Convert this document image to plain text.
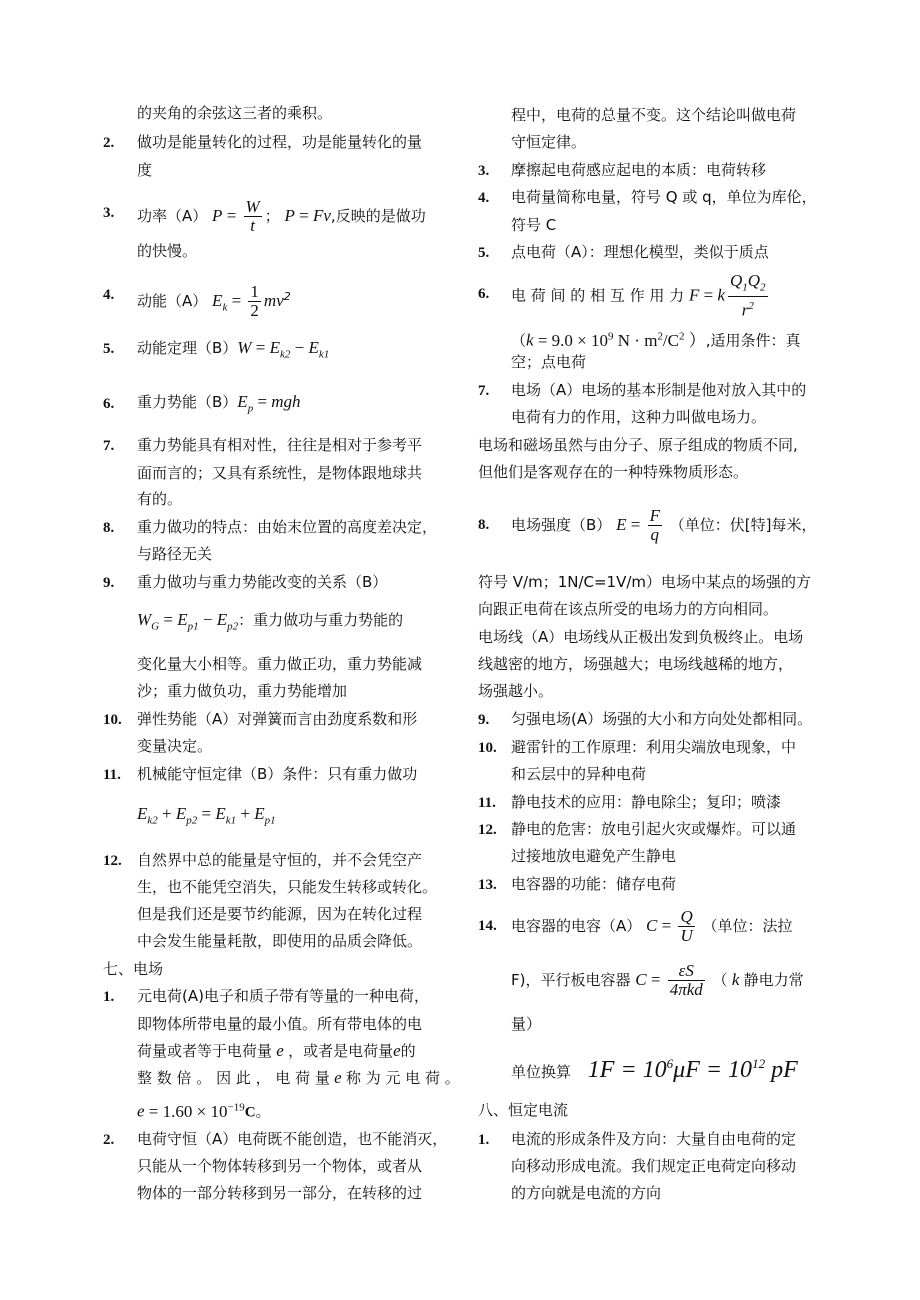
的夹角的余弦这三者的乘积。
2. 做功是能量转化的过程，功是能量转化的量
度
3. 功率（A） $P = \frac{W}{t}$ ； P = Fv,反映的是做功
的快慢。
4. 动能（A） $E_k = \frac{1}{2} mv^2$
5. 动能定理$(B)W = E_{k2} - E_{k1}$
6. 重力势能$(B)E_p$ = mgh
7. 重力势能具有相对性，往往是相对于参考平
面而言的；又具有系统性，是物体跟地球共
有的。
8. 重力做功的特点：由始末位置的高度差决定，
与路径无关
9. 重力做功与重力势能改变的关系（B）
$W_G = E_{p1} - E_{p2}$：重力做功与重力势能的
变化量大小相等。重力做正功，重力势能减
沙；重力做负功，重力势能增加
10. 弹性势能（A）对弹簧而言由劲度系数和形
变量决定。
11. 机械能守恒定律（B）条件：只有重力做功
$E_{k2} + E_{p2} = E_{k1} + E_{p1}$
12. 自然界中总的能量是守恒的，并不会凭空产
生，也不能凭空消失，只能发生转移或转化。
但是我们还是要节约能源，因为在转化过程
中会发生能量耗散，即使用的品质会降低。
七、电场
1. 元电荷(A)电子和质子带有等量的一种电荷，
即物体所带电量的最小值。所有带电体的电
荷量或者等于电荷量 e ，或者是电荷量e的
整 数 倍 。 因 此 ， 电 荷 量 e 称 为 元 电 荷 。
$e = 1.60 \times 10^{-19}C$。
2. 电荷守恒（A）电荷既不能创造，也不能消灭，
只能从一个物体转移到另一个物体，或者从
物体的一部分转移到另一部分，在转移的过
程中，电荷的总量不变。这个结论叫做电荷
守恒定律。
3. 摩擦起电荷感应起电的本质：电荷转移
4. 电荷量简称电量，符号 Q 或 q，单位为库伦，
符号 C
5. 点电荷（A）：理想化模型，类似于质点
6. 电 荷 间 的 相 互 作 用 力 F = k $\frac{Q_1Q_2}{r^2}$
（$k = 9.0 \times 10^9$ $N \cdot m^2/C^2$ ）,适用条件：真
空；点电荷
7. 电场（A）电场的基本形制是他对放入其中的
电荷有力的作用，这种力叫做电场力。
电场和磁场虽然与由分子、原子组成的物质不同,
但他们是客观存在的一种特殊物质形态。
8. 电场强度（B） $E = \frac{F}{q}$ （单位：伏[特]每米，
符号 V/m；1N/C=1V/m）电场中某点的场强的方
向跟正电荷在该点所受的电场力的方向相同。
电场线（A）电场线从正极出发到负极终止。电场
线越密的地方，场强越大；电场线越稀的地方，
场强越小。
9. 匀强电场(A）场强的大小和方向处处都相同。
10. 避雷针的工作原理：利用尖端放电现象，中
和云层中的异种电荷
11. 静电技术的应用：静电除尘；复印；喷漆
12. 静电的危害：放电引起火灾或爆炸。可以通
过接地放电避免产生静电
13. 电容器的功能：储存电荷
14. 电容器的电容（A） $C = \frac{Q}{U}$ （单位：法拉
F)，平行板电容器 $C = \frac{\varepsilon S}{\text{4πkd}}$ （ k 静电力常
量）
单位换算 $1F = 10^6\mu F = 10^{12}$ pF
八、恒定电流
1. 电流的形成条件及方向：大量自由电荷的定
向移动形成电流。我们规定正电荷定向移动
的方向就是电流的方向
